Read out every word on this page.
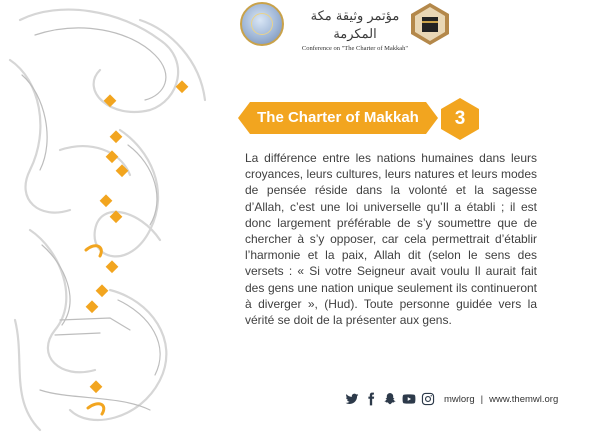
مؤتمر وثيقة مكة المكرمة
Conference on "The Charter of Makkah"
The Charter of Makkah	3
La différence entre les nations humaines dans leurs croyances, leurs cultures, leurs natures et leurs modes de pensée réside dans la volonté et la sagesse d’Allah, c’est une loi universelle qu’Il a établi ; il est donc largement préférable de s’y soumettre que de chercher à s’y opposer, car cela permettrait d’établir l’harmonie et la paix, Allah dit (selon le sens des versets : « Si votre Seigneur avait voulu Il aurait fait des gens une nation unique seulement ils continueront à diverger », (Hud). Toute personne guidée vers la vérité se doit de la présenter aux gens.
mwlorg | www.themwl.org
